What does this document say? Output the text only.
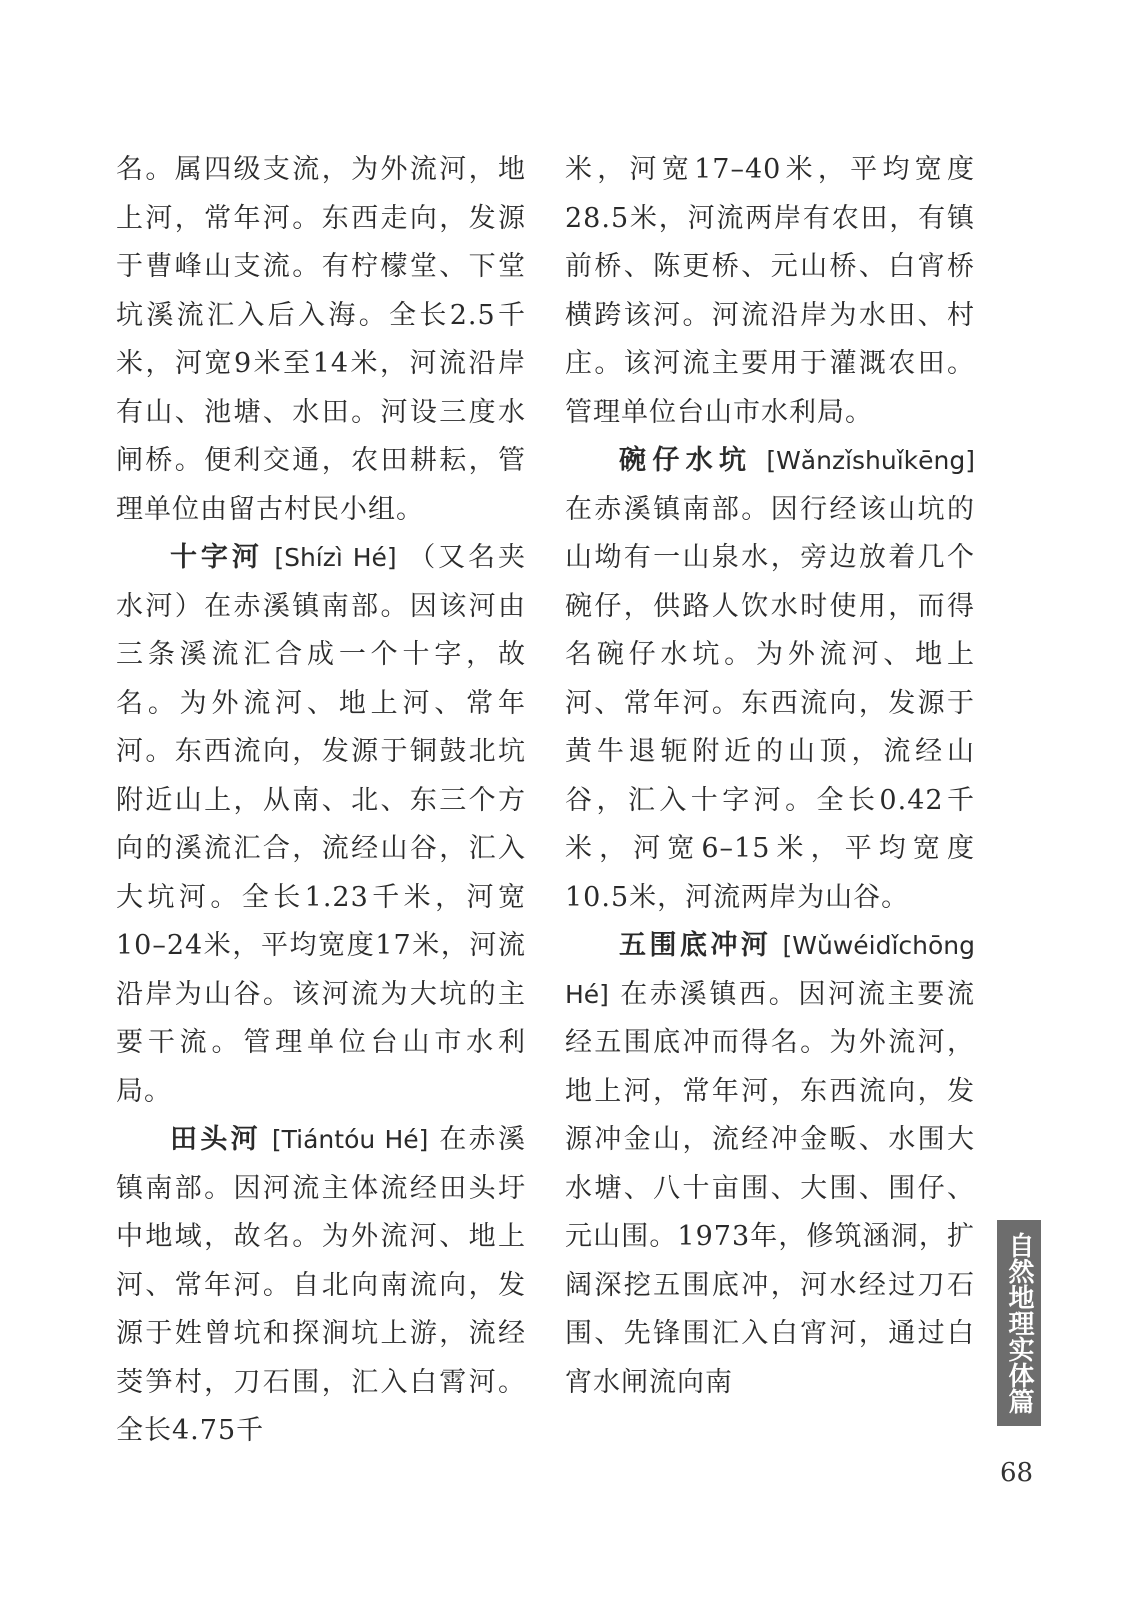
名。属四级支流，为外流河，地上河，常年河。东西走向，发源于曹峰山支流。有柠檬堂、下堂坑溪流汇入后入海。全长2.5千米，河宽9米至14米，河流沿岸有山、池塘、水田。河设三度水闸桥。便利交通，农田耕耘，管理单位由留古村民小组。

十字河 [Shízì Hé] （又名夹水河）在赤溪镇南部。因该河由三条溪流汇合成一个十字，故名。为外流河、地上河、常年河。东西流向，发源于铜鼓北坑附近山上，从南、北、东三个方向的溪流汇合，流经山谷，汇入大坑河。全长1.23千米，河宽10–24米，平均宽度17米，河流沿岸为山谷。该河流为大坑的主要干流。管理单位台山市水利局。

田头河 [Tiántóu Hé] 在赤溪镇南部。因河流主体流经田头圩中地域，故名。为外流河、地上河、常年河。自北向南流向，发源于姓曾坑和探涧坑上游，流经茭笋村，刀石围，汇入白霄河。全长4.75千

米，河宽17–40米，平均宽度28.5米，河流两岸有农田，有镇前桥、陈更桥、元山桥、白宵桥横跨该河。河流沿岸为水田、村庄。该河流主要用于灌溉农田。管理单位台山市水利局。

碗仔水坑 [Wǎnzǐshuǐkēng] 在赤溪镇南部。因行经该山坑的山坳有一山泉水，旁边放着几个碗仔，供路人饮水时使用，而得名碗仔水坑。为外流河、地上河、常年河。东西流向，发源于黄牛退轭附近的山顶，流经山谷，汇入十字河。全长0.42千米，河宽6–15米，平均宽度10.5米，河流两岸为山谷。

五围底冲河 [Wǔwéidǐchōng Hé] 在赤溪镇西。因河流主要流经五围底冲而得名。为外流河，地上河，常年河，东西流向，发源冲金山，流经冲金畈、水围大水塘、八十亩围、大围、围仔、元山围。1973年，修筑涵洞，扩阔深挖五围底冲，河水经过刀石围、先锋围汇入白宵河，通过白宵水闸流向南	自然地理实体篇
68
